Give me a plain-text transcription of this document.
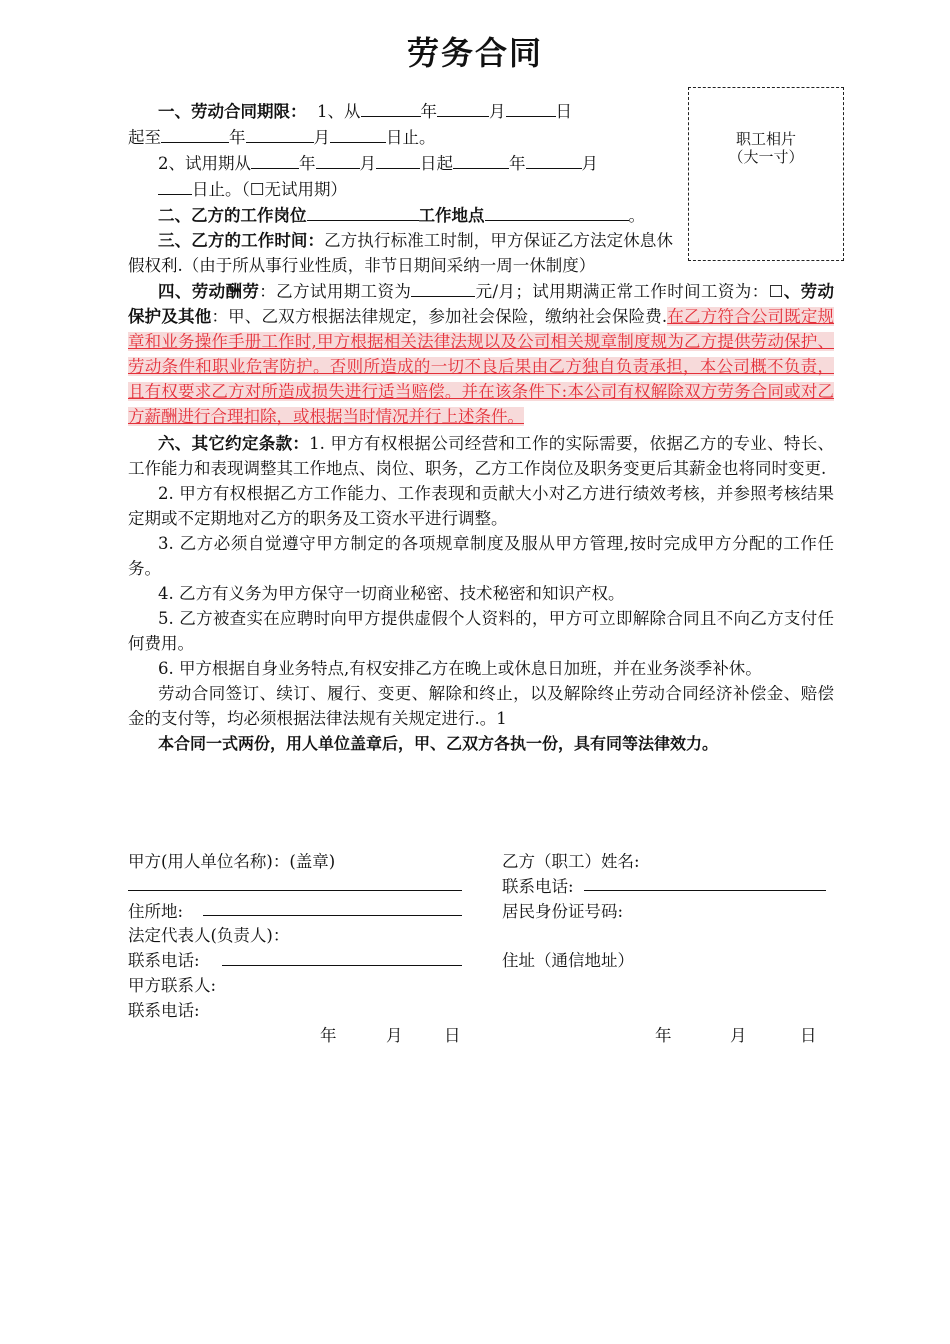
劳务合同
职工相片
（大一寸）
一、劳动合同期限： 1、从	年	月	日
起至	年	月	日止。
2、试用期从	年	月	日起	年	月
日止。（☐无试用期）
二、乙方的工作岗位	工作地点	。
三、乙方的工作时间：乙方执行标准工时制，甲方保证乙方法定休息休假权利.（由于所从事行业性质，非节日期间采纳一周一休制度）
四、劳动酬劳：乙方试用期工资为	元/月；试用期满正常工作时间工资为：☐、劳动保护及其他：甲、乙双方根据法律规定，参加社会保险，缴纳社会保险费.在乙方符合公司既定规章和业务操作手册工作时,甲方根据相关法律法规以及公司相关规章制度规为乙方提供劳动保护、劳动条件和职业危害防护。否则所造成的一切不良后果由乙方独自负责承担，本公司概不负责，且有权要求乙方对所造成损失进行适当赔偿。并在该条件下:本公司有权解除双方劳务合同或对乙方薪酬进行合理扣除，或根据当时情况并行上述条件。
六、其它约定条款：1. 甲方有权根据公司经营和工作的实际需要，依据乙方的专业、特长、工作能力和表现调整其工作地点、岗位、职务，乙方工作岗位及职务变更后其薪金也将同时变更.
2. 甲方有权根据乙方工作能力、工作表现和贡献大小对乙方进行绩效考核，并参照考核结果定期或不定期地对乙方的职务及工资水平进行调整。
3. 乙方必须自觉遵守甲方制定的各项规章制度及服从甲方管理,按时完成甲方分配的工作任务。
4. 乙方有义务为甲方保守一切商业秘密、技术秘密和知识产权。
5. 乙方被查实在应聘时向甲方提供虚假个人资料的，甲方可立即解除合同且不向乙方支付任何费用。
6. 甲方根据自身业务特点,有权安排乙方在晚上或休息日加班，并在业务淡季补休。
劳动合同签订、续订、履行、变更、解除和终止，以及解除终止劳动合同经济补偿金、赔偿金的支付等，均必须根据法律法规有关规定进行.。1
本合同一式两份，用人单位盖章后，甲、乙双方各执一份，具有同等法律效力。
甲方(用人单位名称)：(盖章)
住所地:
法定代表人(负责人)：
联系电话:
甲方联系人:
联系电话:
乙方（职工）姓名:
联系电话:
居民身份证号码:
住址（通信地址）
年	月	日	年	月	日
